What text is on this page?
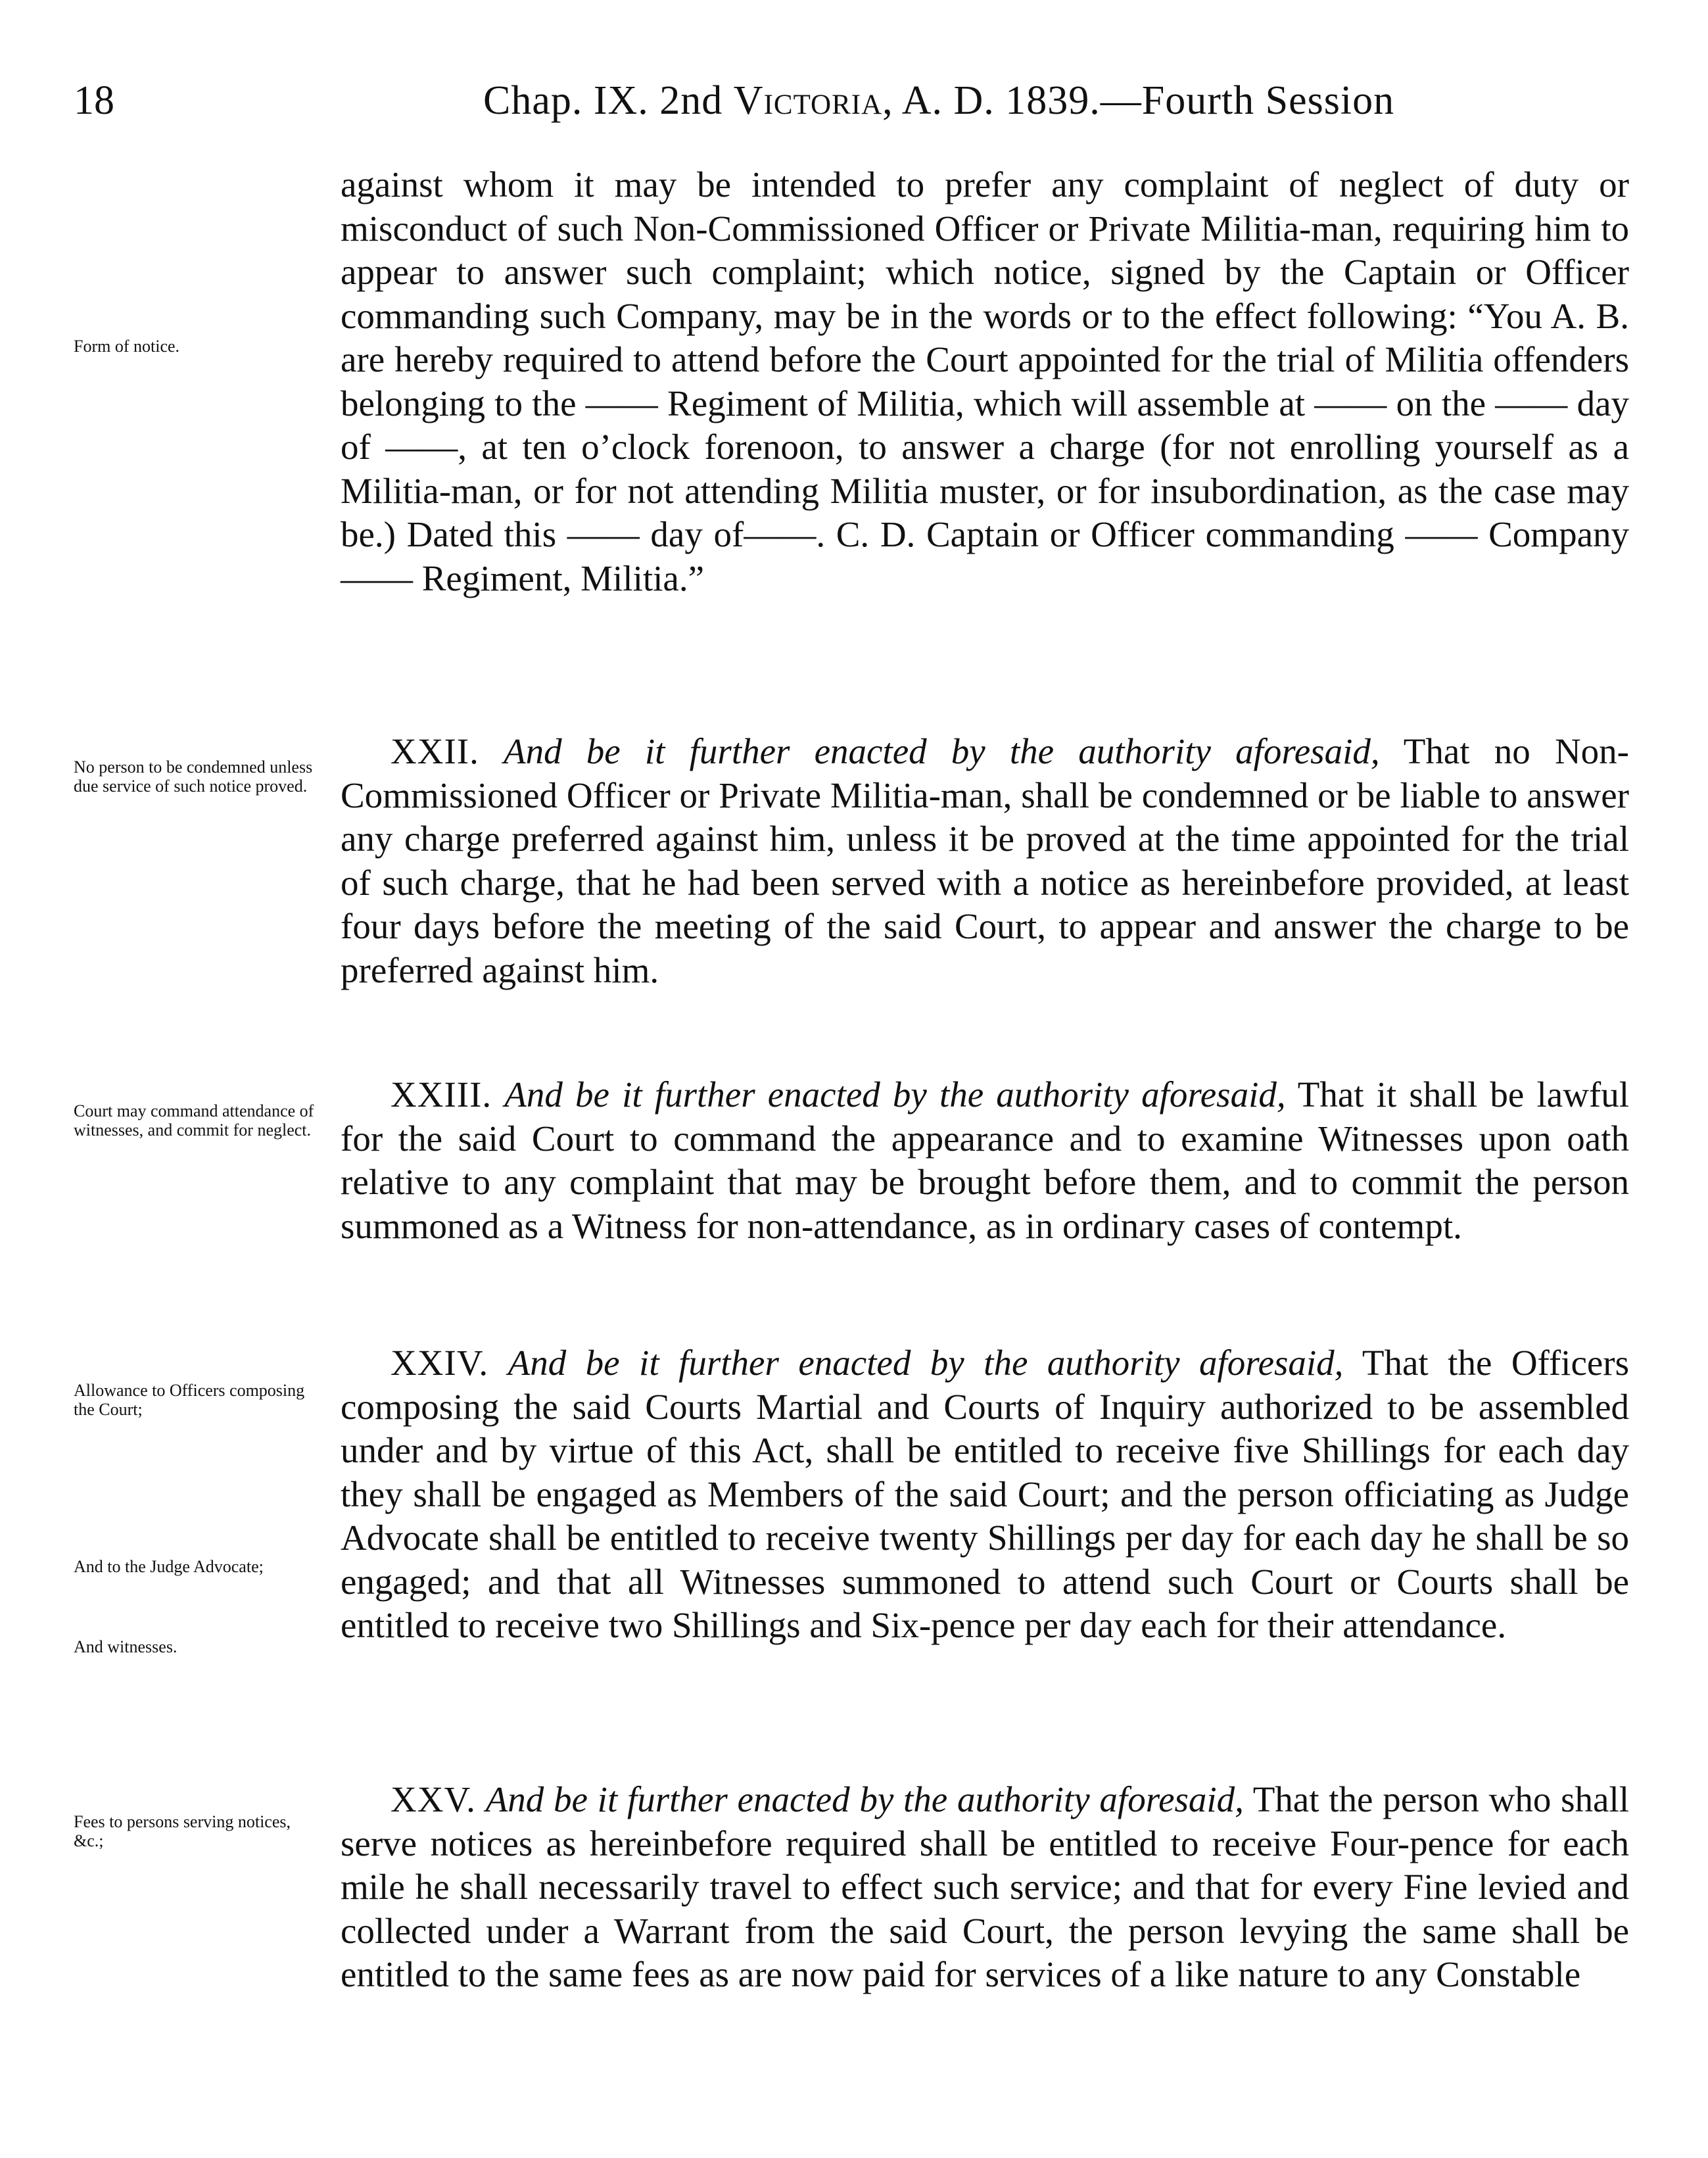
18	Chap. IX. 2nd Victoria, A. D. 1839.—Fourth Session
Form of notice.
No person to be condemned unless due service of such notice proved.
Court may command attendance of witnesses, and commit for neglect.
Allowance to Officers composing the Court;
And to the Judge Advocate;
And witnesses.
Fees to persons serving notices, &c.;

against whom it may be intended to prefer any complaint of neglect of duty or misconduct of such Non-Commissioned Officer or Private Militia-man, requiring him to appear to answer such complaint; which notice, signed by the Captain or Officer commanding such Company, may be in the words or to the effect following: “You A. B. are hereby required to attend before the Court appointed for the trial of Militia offenders belonging to the —— Regiment of Militia, which will assemble at —— on the —— day of ——, at ten o’clock forenoon, to answer a charge (for not enrolling yourself as a Militia-man, or for not attending Militia muster, or for insubordination, as the case may be.) Dated this —— day of——. C. D. Captain or Officer commanding —— Company —— Regiment, Militia.”

XXII. And be it further enacted by the authority aforesaid, That no Non-Commissioned Officer or Private Militia-man, shall be condemned or be liable to answer any charge preferred against him, unless it be proved at the time appointed for the trial of such charge, that he had been served with a notice as hereinbefore provided, at least four days before the meeting of the said Court, to appear and answer the charge to be preferred against him.

XXIII. And be it further enacted by the authority aforesaid, That it shall be lawful for the said Court to command the appearance and to examine Witnesses upon oath relative to any complaint that may be brought before them, and to commit the person summoned as a Witness for non-attendance, as in ordinary cases of contempt.

XXIV. And be it further enacted by the authority aforesaid, That the Officers composing the said Courts Martial and Courts of Inquiry authorized to be assembled under and by virtue of this Act, shall be entitled to receive five Shillings for each day they shall be engaged as Members of the said Court; and the person officiating as Judge Advocate shall be entitled to receive twenty Shillings per day for each day he shall be so engaged; and that all Witnesses summoned to attend such Court or Courts shall be entitled to receive two Shillings and Six-pence per day each for their attendance.

XXV. And be it further enacted by the authority aforesaid, That the person who shall serve notices as hereinbefore required shall be entitled to receive Four-pence for each mile he shall necessarily travel to effect such service; and that for every Fine levied and collected under a Warrant from the said Court, the person levying the same shall be entitled to the same fees as are now paid for services of a like nature to any Constable
